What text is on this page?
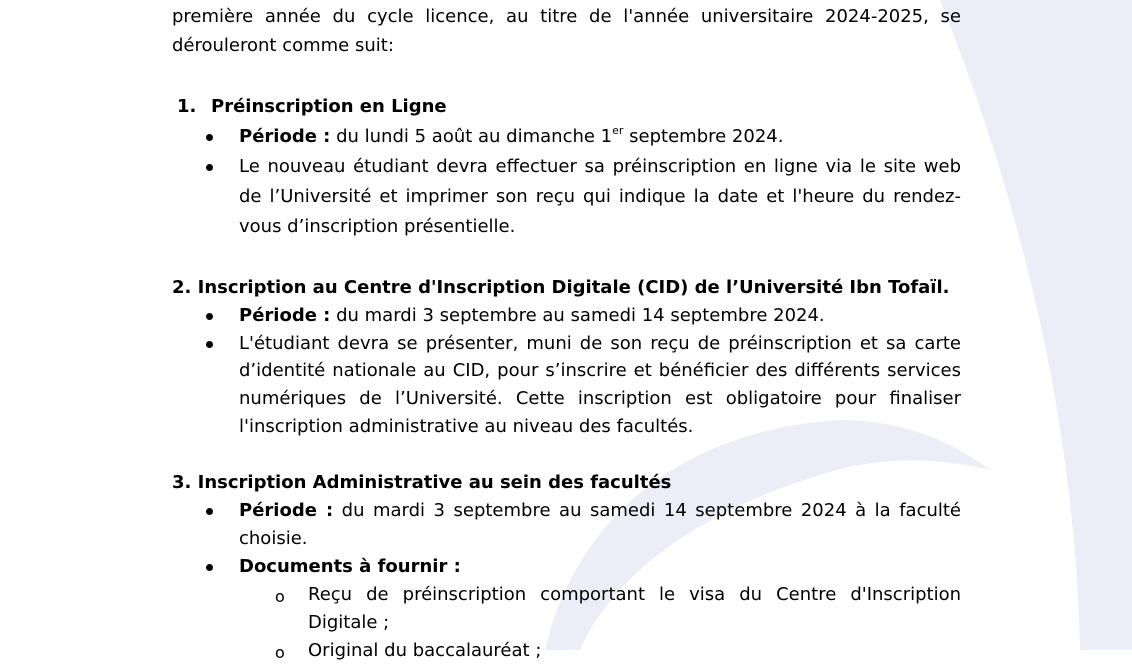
première année du cycle licence, au titre de l'année universitaire 2024-2025, se
dérouleront comme suit:
1. Préinscription en Ligne
Période : du lundi 5 août au dimanche 1er septembre 2024.
Le nouveau étudiant devra effectuer sa préinscription en ligne via le site web
de l’Université et imprimer son reçu qui indique la date et l'heure du rendez-
vous d’inscription présentielle.
2. Inscription au Centre d'Inscription Digitale (CID) de l’Université Ibn Tofaïl.
Période : du mardi 3 septembre au samedi 14 septembre 2024.
L'étudiant devra se présenter, muni de son reçu de préinscription et sa carte
d’identité nationale au CID, pour s’inscrire et bénéficier des différents services
numériques de l’Université. Cette inscription est obligatoire pour finaliser
l'inscription administrative au niveau des facultés.
3. Inscription Administrative au sein des facultés
Période : du mardi 3 septembre au samedi 14 septembre 2024 à la faculté
choisie.
Documents à fournir :
o Reçu de préinscription comportant le visa du Centre d'Inscription
Digitale ;
o Original du baccalauréat ;
